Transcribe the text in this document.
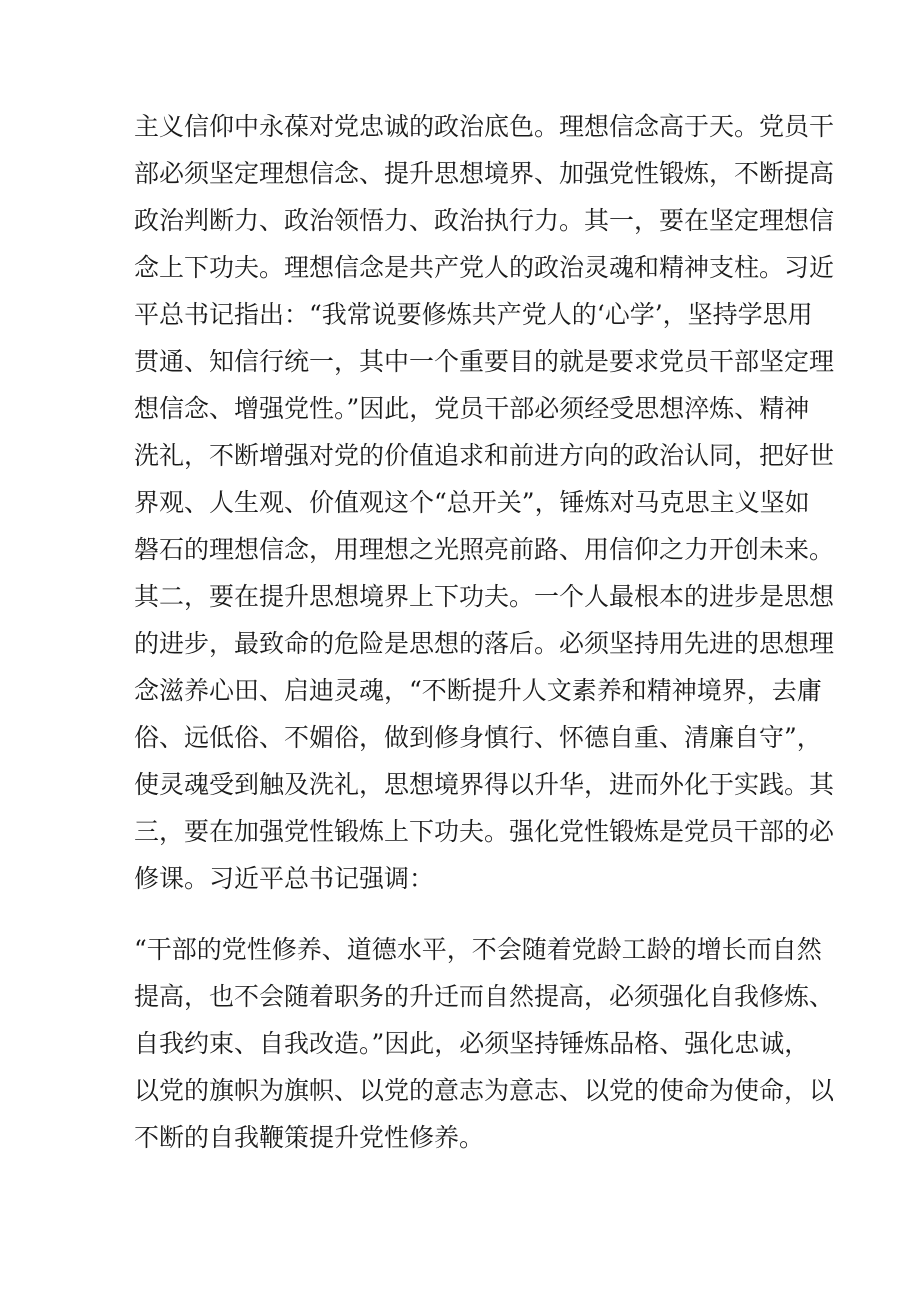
主义信仰中永葆对党忠诚的政治底色。理想信念高于天。党员干

部必须坚定理想信念、提升思想境界、加强党性锻炼，不断提高

政治判断力、政治领悟力、政治执行力。其一，要在坚定理想信

念上下功夫。理想信念是共产党人的政治灵魂和精神支柱。习近

平总书记指出：“我常说要修炼共产党人的‘心学’，坚持学思用

贯通、知信行统一，其中一个重要目的就是要求党员干部坚定理

想信念、增强党性。”因此，党员干部必须经受思想淬炼、精神

洗礼，不断增强对党的价值追求和前进方向的政治认同，把好世

界观、人生观、价值观这个“总开关”，锤炼对马克思主义坚如

磐石的理想信念，用理想之光照亮前路、用信仰之力开创未来。

其二，要在提升思想境界上下功夫。一个人最根本的进步是思想

的进步，最致命的危险是思想的落后。必须坚持用先进的思想理

念滋养心田、启迪灵魂，“不断提升人文素养和精神境界，去庸

俗、远低俗、不媚俗，做到修身慎行、怀德自重、清廉自守”，

使灵魂受到触及洗礼，思想境界得以升华，进而外化于实践。其

三，要在加强党性锻炼上下功夫。强化党性锻炼是党员干部的必

修课。习近平总书记强调：

“干部的党性修养、道德水平，不会随着党龄工龄的增长而自然

提高，也不会随着职务的升迁而自然提高，必须强化自我修炼、

自我约束、自我改造。”因此，必须坚持锤炼品格、强化忠诚，

以党的旗帜为旗帜、以党的意志为意志、以党的使命为使命，以

不断的自我鞭策提升党性修养。
